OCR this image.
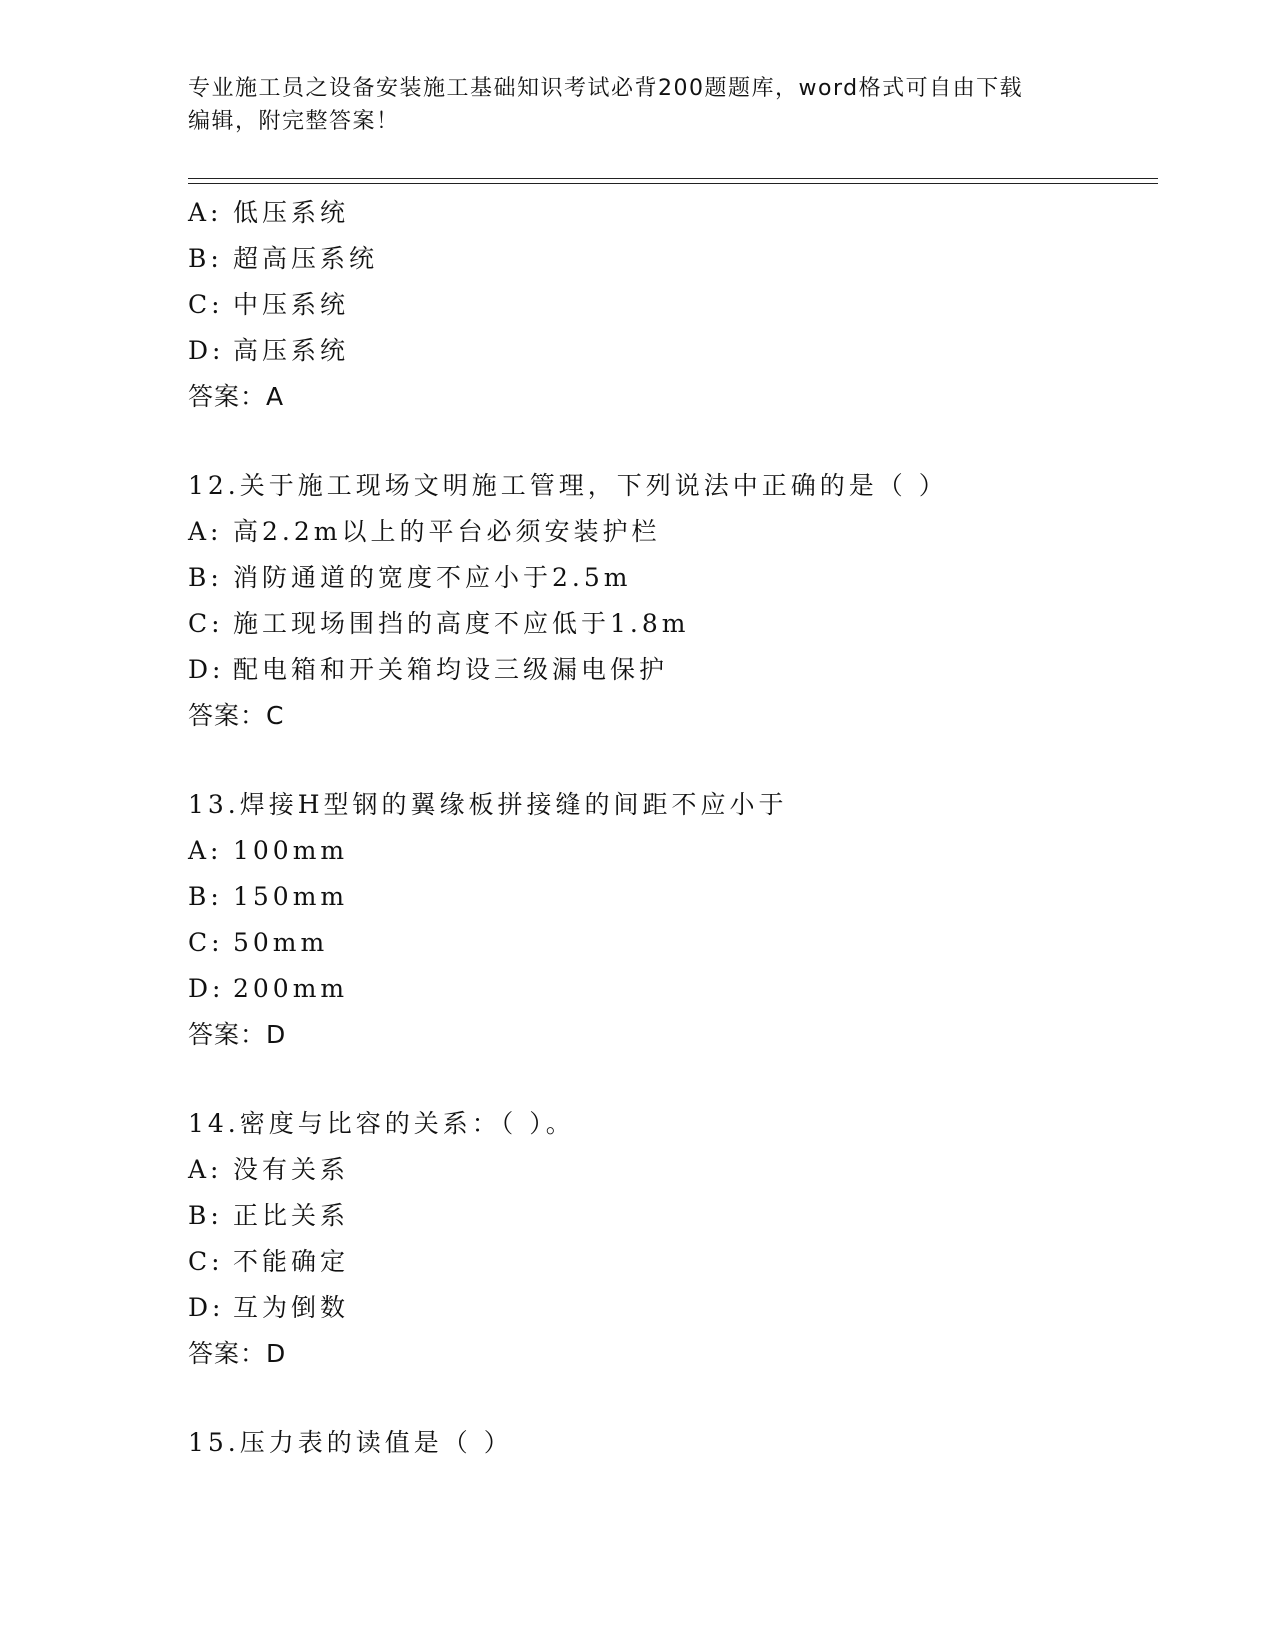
专业施工员之设备安装施工基础知识考试必背200题题库，word格式可自由下载
编辑，附完整答案！
A: 低压系统
B: 超高压系统
C: 中压系统
D: 高压系统
答案：A
12.关于施工现场文明施工管理，下列说法中正确的是（ ）
A: 高2.2m以上的平台必须安装护栏
B: 消防通道的宽度不应小于2.5m
C: 施工现场围挡的高度不应低于1.8m
D: 配电箱和开关箱均设三级漏电保护
答案：C
13.焊接H型钢的翼缘板拼接缝的间距不应小于
A: 100mm
B: 150mm
C: 50mm
D: 200mm
答案：D
14.密度与比容的关系：（ ）。
A: 没有关系
B: 正比关系
C: 不能确定
D: 互为倒数
答案：D
15.压力表的读值是（ ）
